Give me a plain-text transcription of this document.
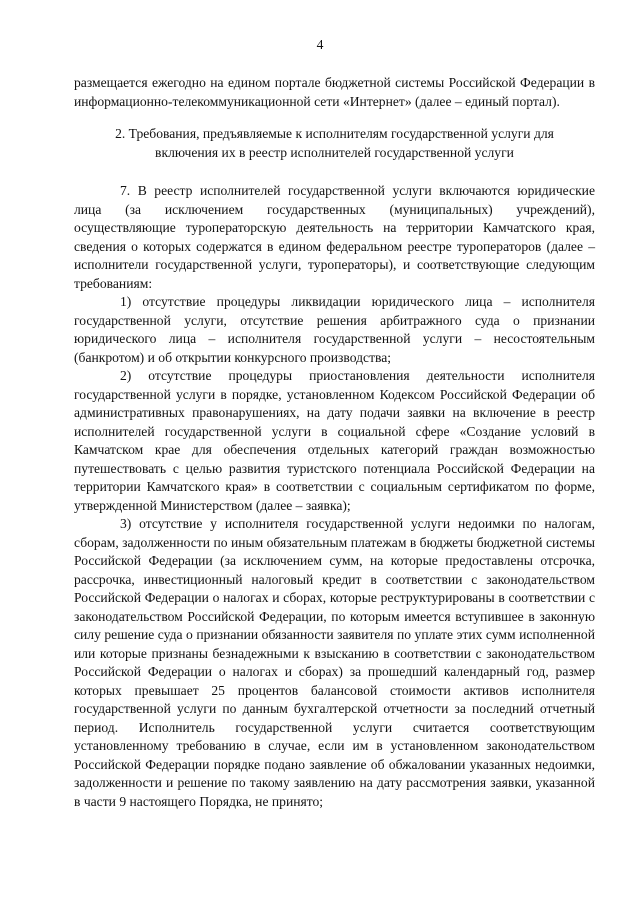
4

размещается ежегодно на едином портале бюджетной системы Российской Федерации в информационно-телекоммуникационной сети «Интернет» (далее – единый портал).

2. Требования, предъявляемые к исполнителям государственной услуги для включения их в реестр исполнителей государственной услуги

7. В реестр исполнителей государственной услуги включаются юридические лица (за исключением государственных (муниципальных) учреждений), осуществляющие туроператорскую деятельность на территории Камчатского края, сведения о которых содержатся в едином федеральном реестре туроператоров (далее – исполнители государственной услуги, туроператоры), и соответствующие следующим требованиям:

1) отсутствие процедуры ликвидации юридического лица – исполнителя государственной услуги, отсутствие решения арбитражного суда о признании юридического лица – исполнителя государственной услуги – несостоятельным (банкротом) и об открытии конкурсного производства;

2) отсутствие процедуры приостановления деятельности исполнителя государственной услуги в порядке, установленном Кодексом Российской Федерации об административных правонарушениях, на дату подачи заявки на включение в реестр исполнителей государственной услуги в социальной сфере «Создание условий в Камчатском крае для обеспечения отдельных категорий граждан возможностью путешествовать с целью развития туристского потенциала Российской Федерации на территории Камчатского края» в соответствии с социальным сертификатом по форме, утвержденной Министерством (далее – заявка);

3) отсутствие у исполнителя государственной услуги недоимки по налогам, сборам, задолженности по иным обязательным платежам в бюджеты бюджетной системы Российской Федерации (за исключением сумм, на которые предоставлены отсрочка, рассрочка, инвестиционный налоговый кредит в соответствии с законодательством Российской Федерации о налогах и сборах, которые реструктурированы в соответствии с законодательством Российской Федерации, по которым имеется вступившее в законную силу решение суда о признании обязанности заявителя по уплате этих сумм исполненной или которые признаны безнадежными к взысканию в соответствии с законодательством Российской Федерации о налогах и сборах) за прошедший календарный год, размер которых превышает 25 процентов балансовой стоимости активов исполнителя государственной услуги по данным бухгалтерской отчетности за последний отчетный период. Исполнитель государственной услуги считается соответствующим установленному требованию в случае, если им в установленном законодательством Российской Федерации порядке подано заявление об обжаловании указанных недоимки, задолженности и решение по такому заявлению на дату рассмотрения заявки, указанной в части 9 настоящего Порядка, не принято;
